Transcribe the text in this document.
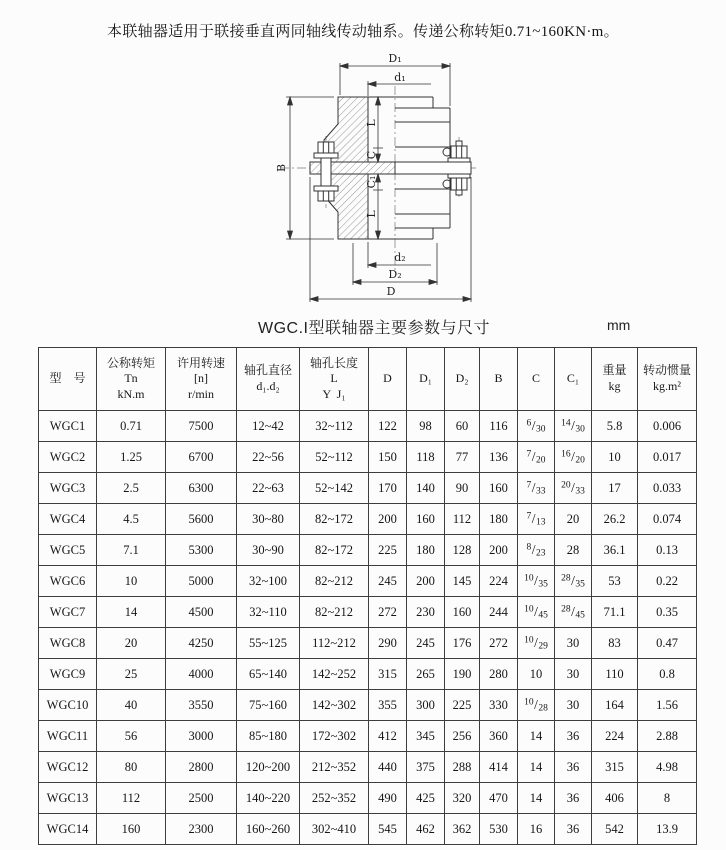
本联轴器适用于联接垂直两同轴线传动轴系。传递公称转矩0.71~160KN·m。

D₁
d₁
B
L
C
C₁
L
d₂
D₂
D
WGC.I型联轴器主要参数与尺寸	mm
型　号

公称转矩
Tn
kN.m

许用转速
[n]
r/min

轴孔直径
d₁.d₂

轴孔长度
L
Y  J₁

D	D₁	D₂	B	C	C₁

重量
kg

转动惯量
kg.m²

WGC1	0.71	7500	12~42	32~112	122	98	60	116	$^6$/30	$^{14}$/30	5.8	0.006
WGC2	1.25	6700	22~56	52~112	150	118	77	136	$^7$/20	$^{16}$/20	10	0.017
WGC3	2.5	6300	22~63	52~142	170	140	90	160	$^7$/33	$^{20}$/33	17	0.033
WGC4	4.5	5600	30~80	82~172	200	160	112	180	$^7$/13	20	26.2	0.074
WGC5	7.1	5300	30~90	82~172	225	180	128	200	$^8$/23	28	36.1	0.13
WGC6	10	5000	32~100	82~212	245	200	145	224	$^{10}$/35	$^{28}$/35	53	0.22
WGC7	14	4500	32~110	82~212	272	230	160	244	$^{10}$/45	$^{28}$/45	71.1	0.35
WGC8	20	4250	55~125	112~212	290	245	176	272	$^{10}$/29	30	83	0.47
WGC9	25	4000	65~140	142~252	315	265	190	280	10	30	110	0.8
WGC10	40	3550	75~160	142~302	355	300	225	330	$^{10}$/28	30	164	1.56
WGC11	56	3000	85~180	172~302	412	345	256	360	14	36	224	2.88
WGC12	80	2800	120~200	212~352	440	375	288	414	14	36	315	4.98
WGC13	112	2500	140~220	252~352	490	425	320	470	14	36	406	8
WGC14	160	2300	160~260	302~410	545	462	362	530	16	36	542	13.9
